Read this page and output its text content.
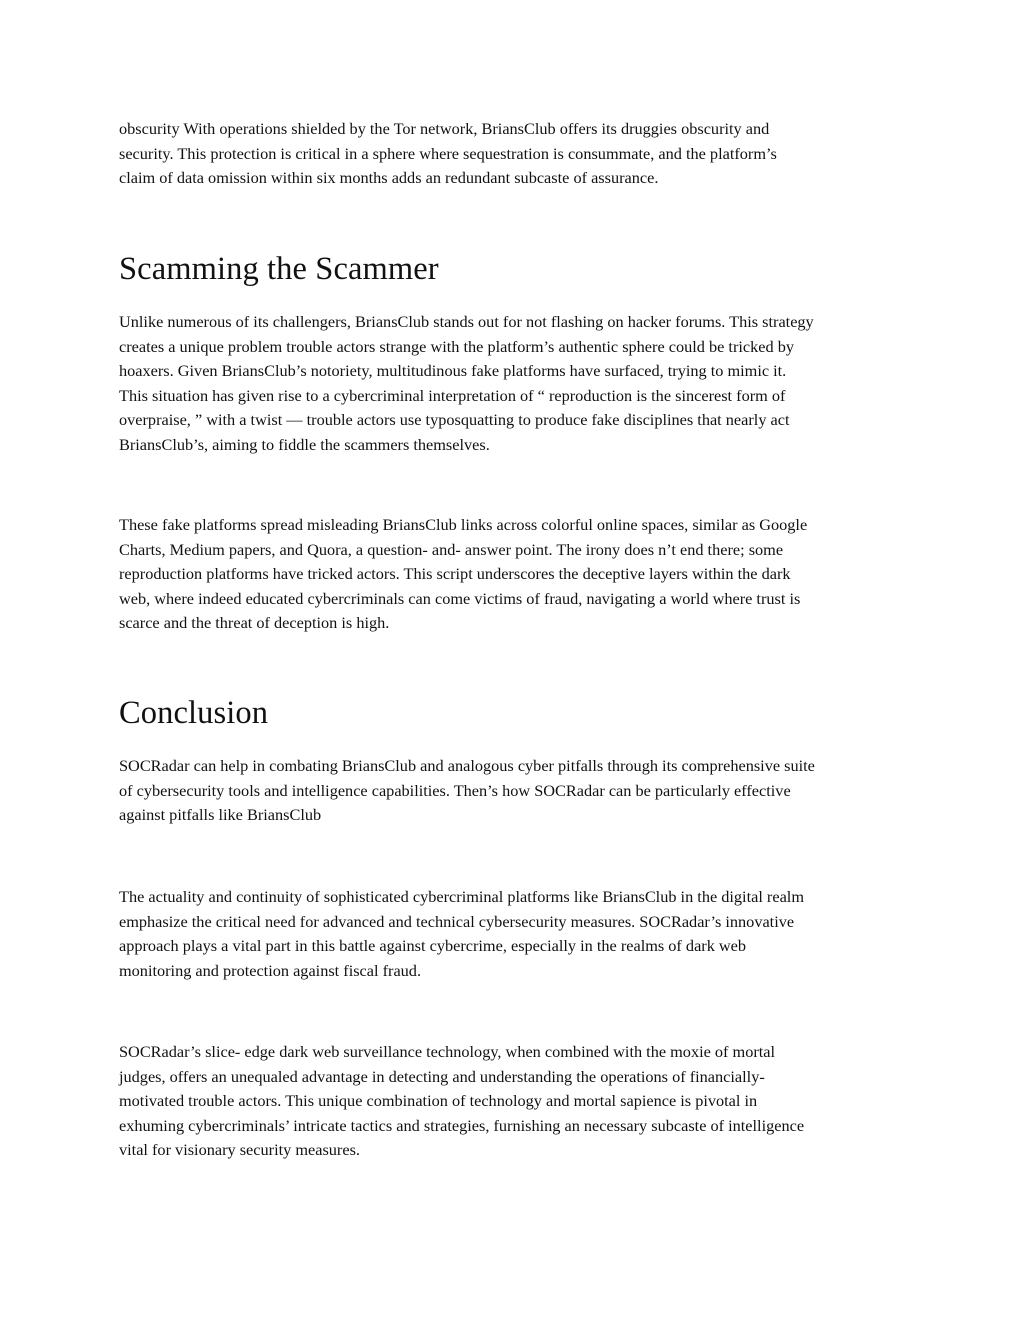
obscurity With operations shielded by the Tor network, BriansClub offers its druggies obscurity and
security. This protection is critical in a sphere where sequestration is consummate, and the platform’s
claim of data omission within six months adds an redundant subcaste of assurance.

Scamming the Scammer

Unlike numerous of its challengers, BriansClub stands out for not flashing on hacker forums. This strategy
creates a unique problem trouble actors strange with the platform’s authentic sphere could be tricked by
hoaxers. Given BriansClub’s notoriety, multitudinous fake platforms have surfaced, trying to mimic it.
This situation has given rise to a cybercriminal interpretation of “ reproduction is the sincerest form of
overpraise, ” with a twist — trouble actors use typosquatting to produce fake disciplines that nearly act
BriansClub’s, aiming to fiddle the scammers themselves.

These fake platforms spread misleading BriansClub links across colorful online spaces, similar as Google
Charts, Medium papers, and Quora, a question- and- answer point. The irony does n’t end there; some
reproduction platforms have tricked actors. This script underscores the deceptive layers within the dark
web, where indeed educated cybercriminals can come victims of fraud, navigating a world where trust is
scarce and the threat of deception is high.

Conclusion

SOCRadar can help in combating BriansClub and analogous cyber pitfalls through its comprehensive suite
of cybersecurity tools and intelligence capabilities. Then’s how SOCRadar can be particularly effective
against pitfalls like BriansClub

The actuality and continuity of sophisticated cybercriminal platforms like BriansClub in the digital realm
emphasize the critical need for advanced and technical cybersecurity measures. SOCRadar’s innovative
approach plays a vital part in this battle against cybercrime, especially in the realms of dark web
monitoring and protection against fiscal fraud.

SOCRadar’s slice- edge dark web surveillance technology, when combined with the moxie of mortal
judges, offers an unequaled advantage in detecting and understanding the operations of financially-
motivated trouble actors. This unique combination of technology and mortal sapience is pivotal in
exhuming cybercriminals’ intricate tactics and strategies, furnishing an necessary subcaste of intelligence
vital for visionary security measures.
